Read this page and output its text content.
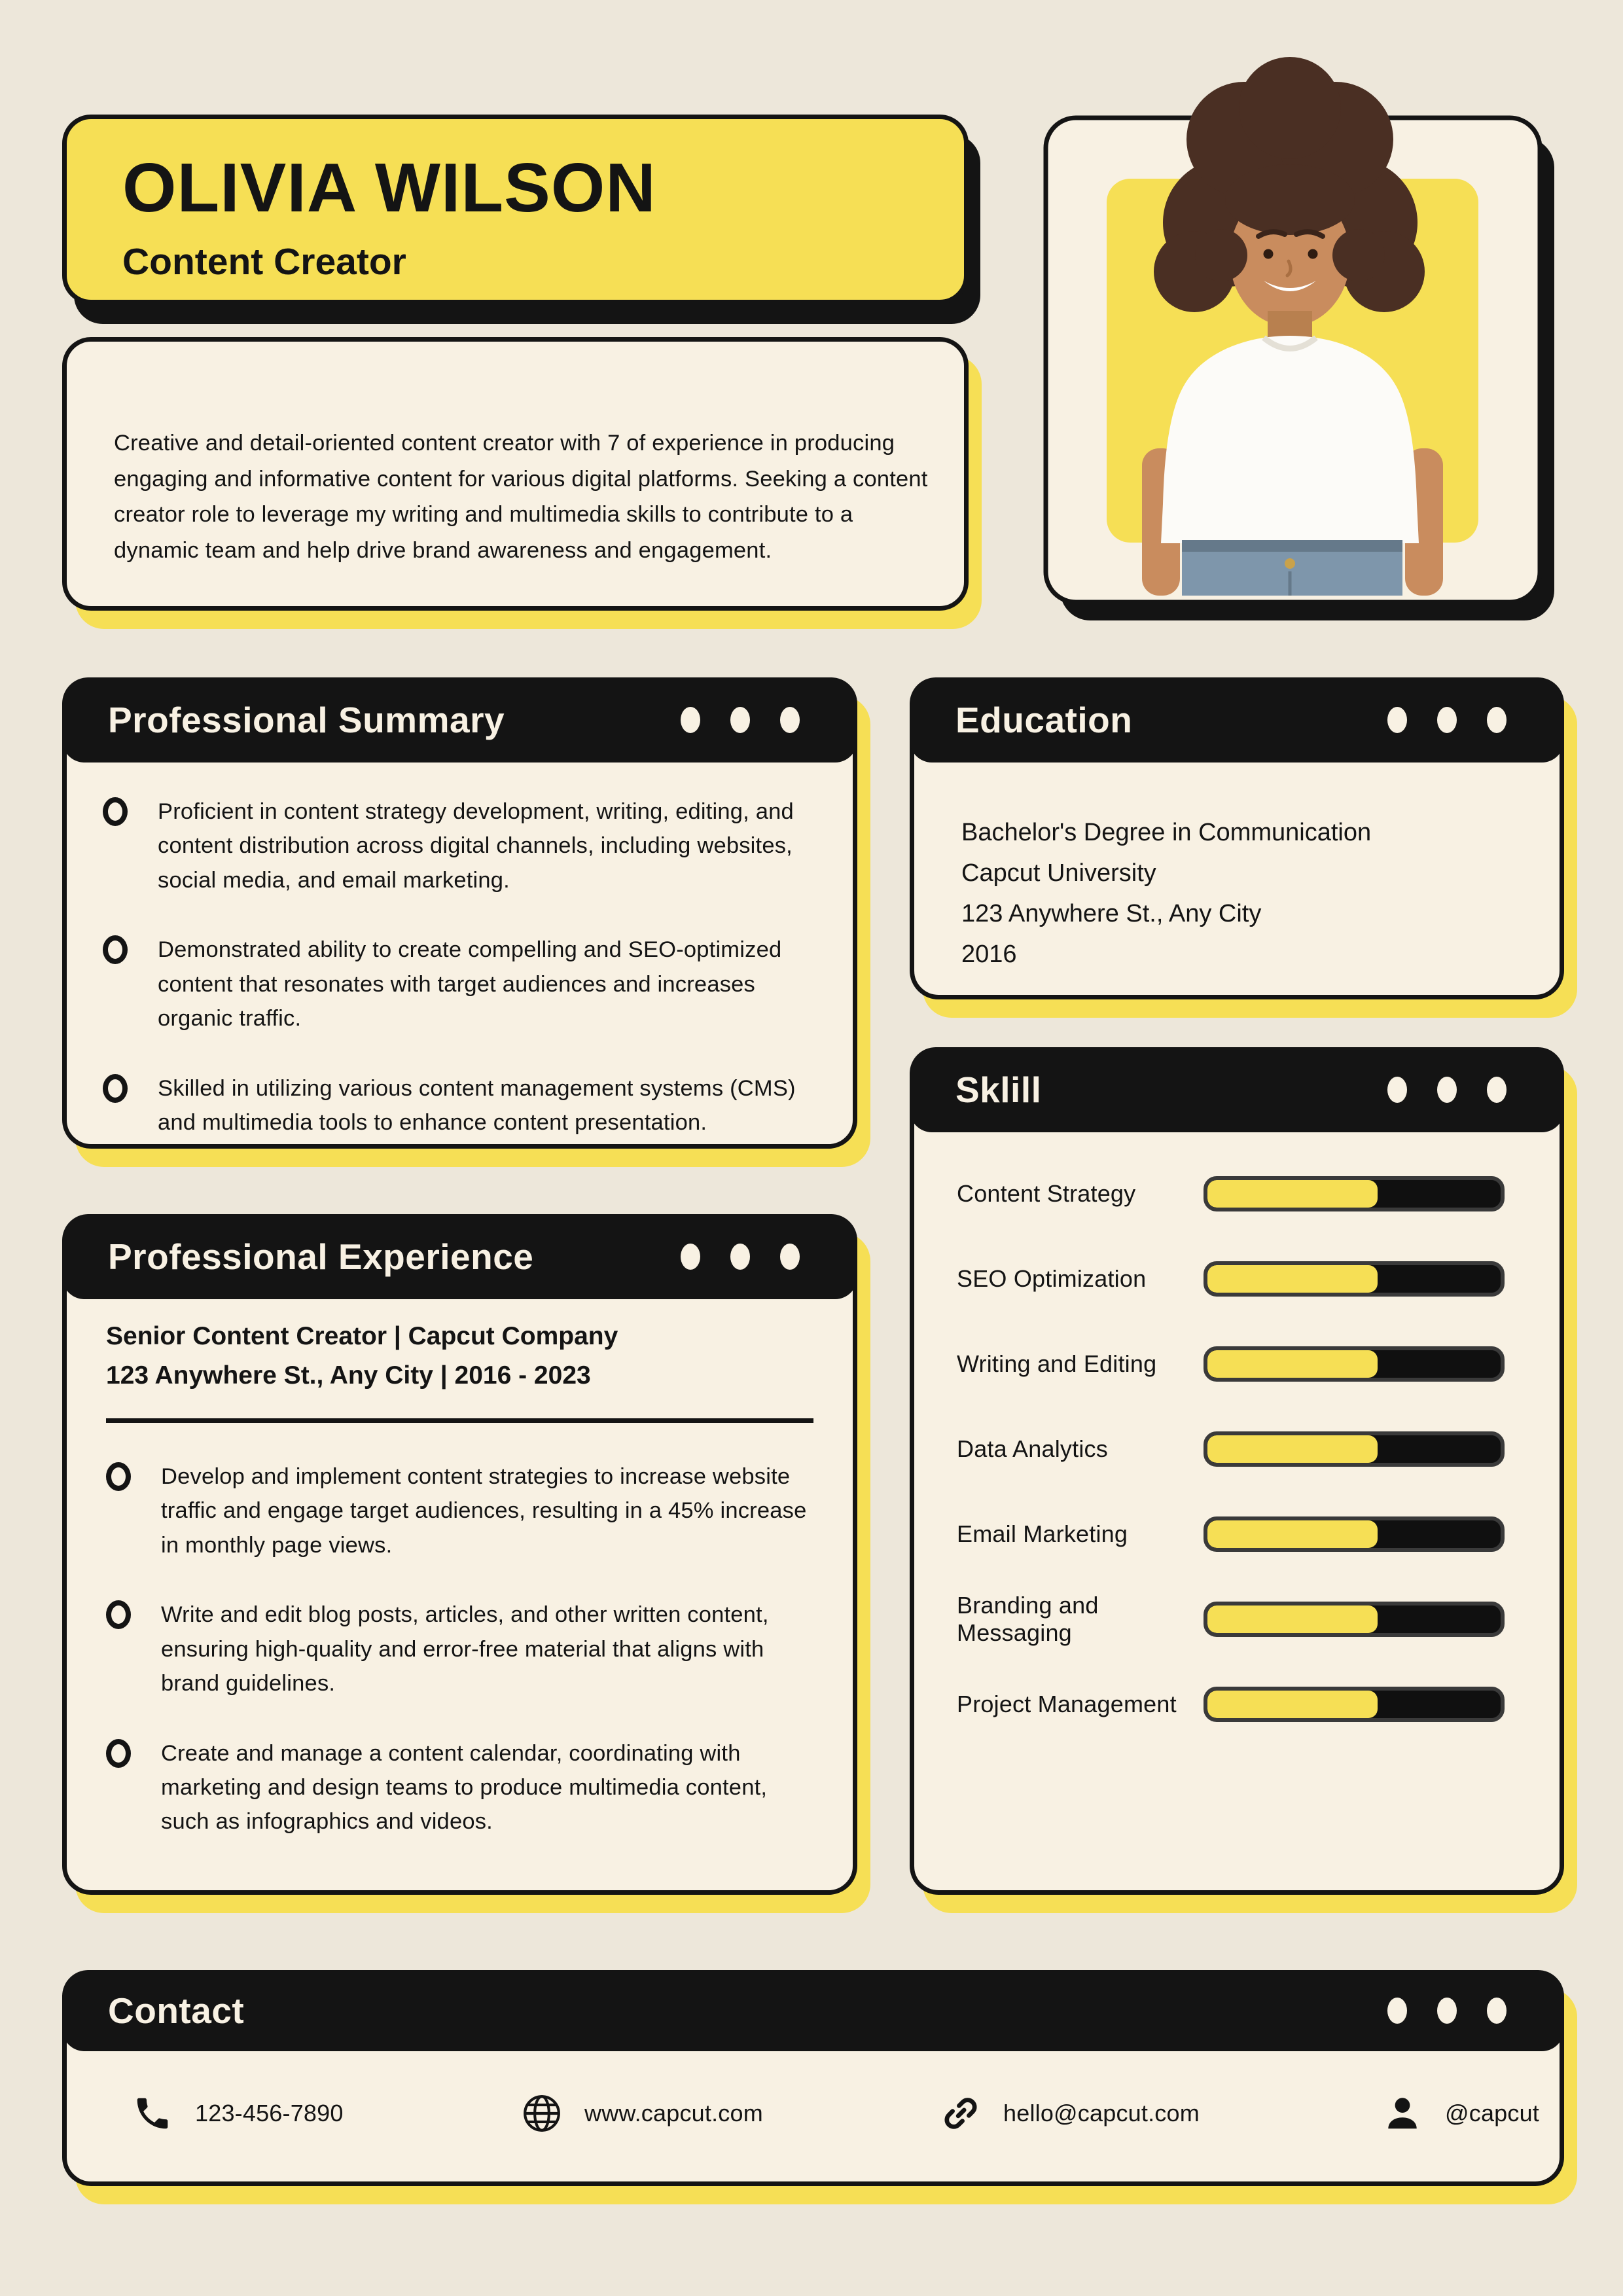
OLIVIA WILSON
Content Creator

Creative and detail-oriented content creator with 7 of experience in producing engaging and informative content for various digital platforms. Seeking a content creator role to leverage my writing and multimedia skills to contribute to a dynamic team and help drive brand awareness and engagement.

Professional Summary

Proficient in content strategy development, writing, editing, and content distribution across digital channels, including websites, social media, and email marketing.

Demonstrated ability to create compelling and SEO-optimized content that resonates with target audiences and increases organic traffic.

Skilled in utilizing various content management systems (CMS) and multimedia tools to enhance content presentation.

Education

Bachelor's Degree in Communication

Capcut University

123 Anywhere St., Any City

2016

Sklill
Content Strategy
SEO Optimization
Writing and Editing
Data Analytics
Email Marketing
Branding and Messaging
Project Management
Professional Experience

Senior Content Creator | Capcut Company

123 Anywhere St., Any City | 2016 - 2023

Develop and implement content strategies to increase website traffic and engage target audiences, resulting in a 45% increase in monthly page views.

Write and edit blog posts, articles, and other written content, ensuring high-quality and error-free material that aligns with brand guidelines.

Create and manage a content calendar, coordinating with marketing and design teams to produce multimedia content, such as infographics and videos.

Contact
123-456-7890	www.capcut.com	hello@capcut.com	@capcut
